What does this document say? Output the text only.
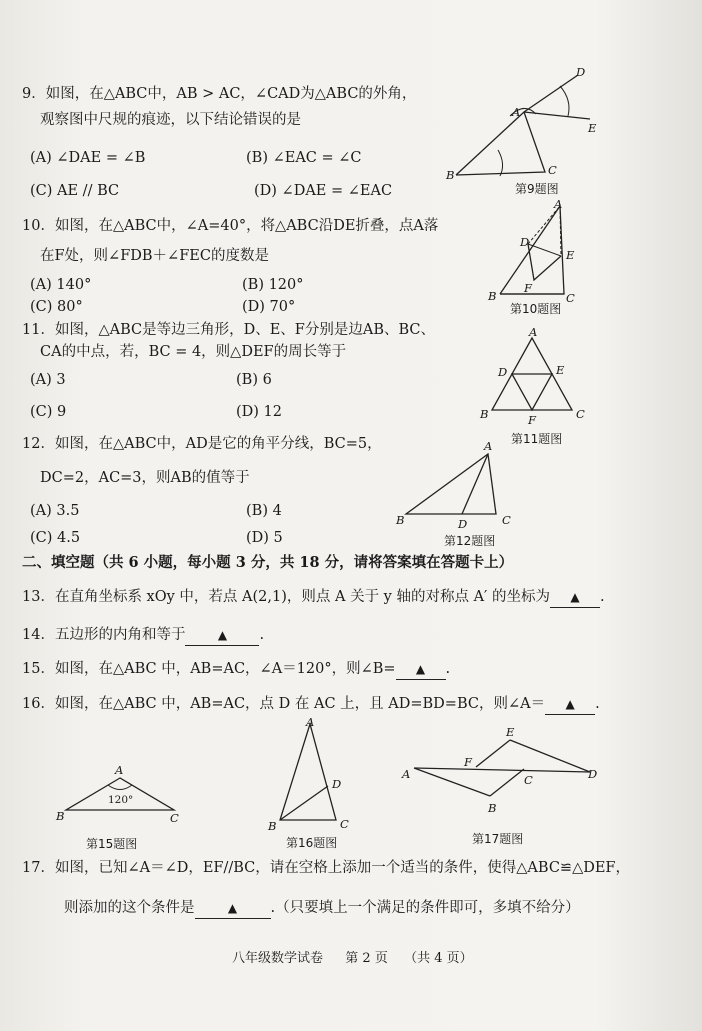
9．如图，在△ABC中，AB > AC，∠CAD为△ABC的外角，
观察图中尺规的痕迹，以下结论错误的是
(A) ∠DAE = ∠B	(B) ∠EAC = ∠C
(C) AE // BC	(D) ∠DAE = ∠EAC
D
A
E
B	C
第9题图
10．如图，在△ABC中，∠A=40°，将△ABC沿DE折叠，点A落
在F处，则∠FDB＋∠FEC的度数是
(A) 140°	(B) 120°
(C) 80°	(D) 70°
A
D
E
F
B	C
第10题图
11．如图，△ABC是等边三角形，D、E、F分别是边AB、BC、
CA的中点，若，BC = 4，则△DEF的周长等于
(A) 3	(B) 6
(C) 9	(D) 12
A
D	E
B	F	C
第11题图
12．如图，在△ABC中，AD是它的角平分线，BC=5，
DC=2，AC=3，则AB的值等于
(A) 3.5	(B) 4
(C) 4.5	(D) 5
A
B	D	C
第12题图
二、填空题（共 6 小题，每小题 3 分，共 18 分，请将答案填在答题卡上）
13．在直角坐标系 xOy 中，若点 A(2,1)，则点 A 关于 y 轴的对称点 A′ 的坐标为 ▲ .
14．五边形的内角和等于	▲ .
15．如图，在△ABC 中，AB=AC，∠A＝120°，则∠B= ▲ .
16．如图，在△ABC 中，AB=AC，点 D 在 AC 上，且 AD=BD=BC，则∠A＝ ▲ .
A
120°
B	C
第15题图
A
D
B	C
第16题图
A
F
E
C	D
B
第17题图
17．如图，已知∠A＝∠D，EF//BC，请在空格上添加一个适当的条件，使得△ABC≌△DEF，
则添加的这个条件是	▲ .（只要填上一个满足的条件即可，多填不给分）
八年级数学试卷 第 2 页 （共 4 页）
